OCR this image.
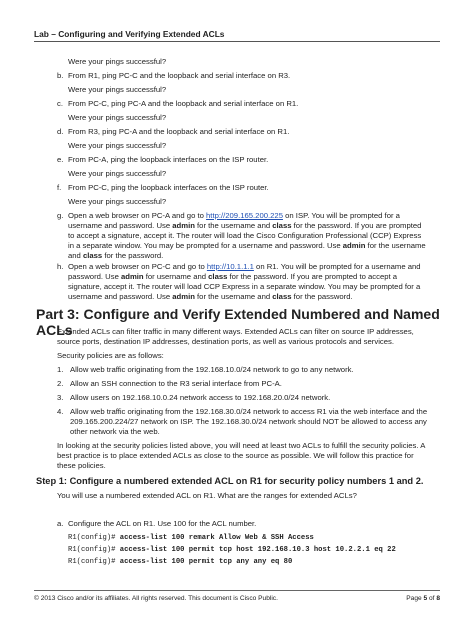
Lab – Configuring and Verifying Extended ACLs
Were your pings successful?
b. From R1, ping PC-C and the loopback and serial interface on R3.
Were your pings successful?
c. From PC-C, ping PC-A and the loopback and serial interface on R1.
Were your pings successful?
d. From R3, ping PC-A and the loopback and serial interface on R1.
Were your pings successful?
e. From PC-A, ping the loopback interfaces on the ISP router.
Were your pings successful?
f. From PC-C, ping the loopback interfaces on the ISP router.
Were your pings successful?
g. Open a web browser on PC-A and go to http://209.165.200.225 on ISP. You will be prompted for a
username and password. Use admin for the username and class for the password. If you are prompted
to accept a signature, accept it. The router will load the Cisco Configuration Professional (CCP) Express
in a separate window. You may be prompted for a username and password. Use admin for the username
and class for the password.
h. Open a web browser on PC-C and go to http://10.1.1.1 on R1. You will be prompted for a username and
password. Use admin for username and class for the password. If you are prompted to accept a
signature, accept it. The router will load CCP Express in a separate window. You may be prompted for a
username and password. Use admin for the username and class for the password.
Part 3: Configure and Verify Extended Numbered and Named ACLs
Extended ACLs can filter traffic in many different ways. Extended ACLs can filter on source IP addresses,
source ports, destination IP addresses, destination ports, as well as various protocols and services.
Security policies are as follows:
1. Allow web traffic originating from the 192.168.10.0/24 network to go to any network.
2. Allow an SSH connection to the R3 serial interface from PC-A.
3. Allow users on 192.168.10.0.24 network access to 192.168.20.0/24 network.
4. Allow web traffic originating from the 192.168.30.0/24 network to access R1 via the web interface and the
209.165.200.224/27 network on ISP. The 192.168.30.0/24 network should NOT be allowed to access any
other network via the web.
In looking at the security policies listed above, you will need at least two ACLs to fulfill the security policies. A
best practice is to place extended ACLs as close to the source as possible. We will follow this practice for
these policies.
Step 1: Configure a numbered extended ACL on R1 for security policy numbers 1 and 2.
You will use a numbered extended ACL on R1. What are the ranges for extended ACLs?
a. Configure the ACL on R1. Use 100 for the ACL number.
R1(config)# access-list 100 remark Allow Web & SSH Access
R1(config)# access-list 100 permit tcp host 192.168.10.3 host 10.2.2.1 eq 22
R1(config)# access-list 100 permit tcp any any eq 80
© 2013 Cisco and/or its affiliates. All rights reserved. This document is Cisco Public.	Page 5 of 8
